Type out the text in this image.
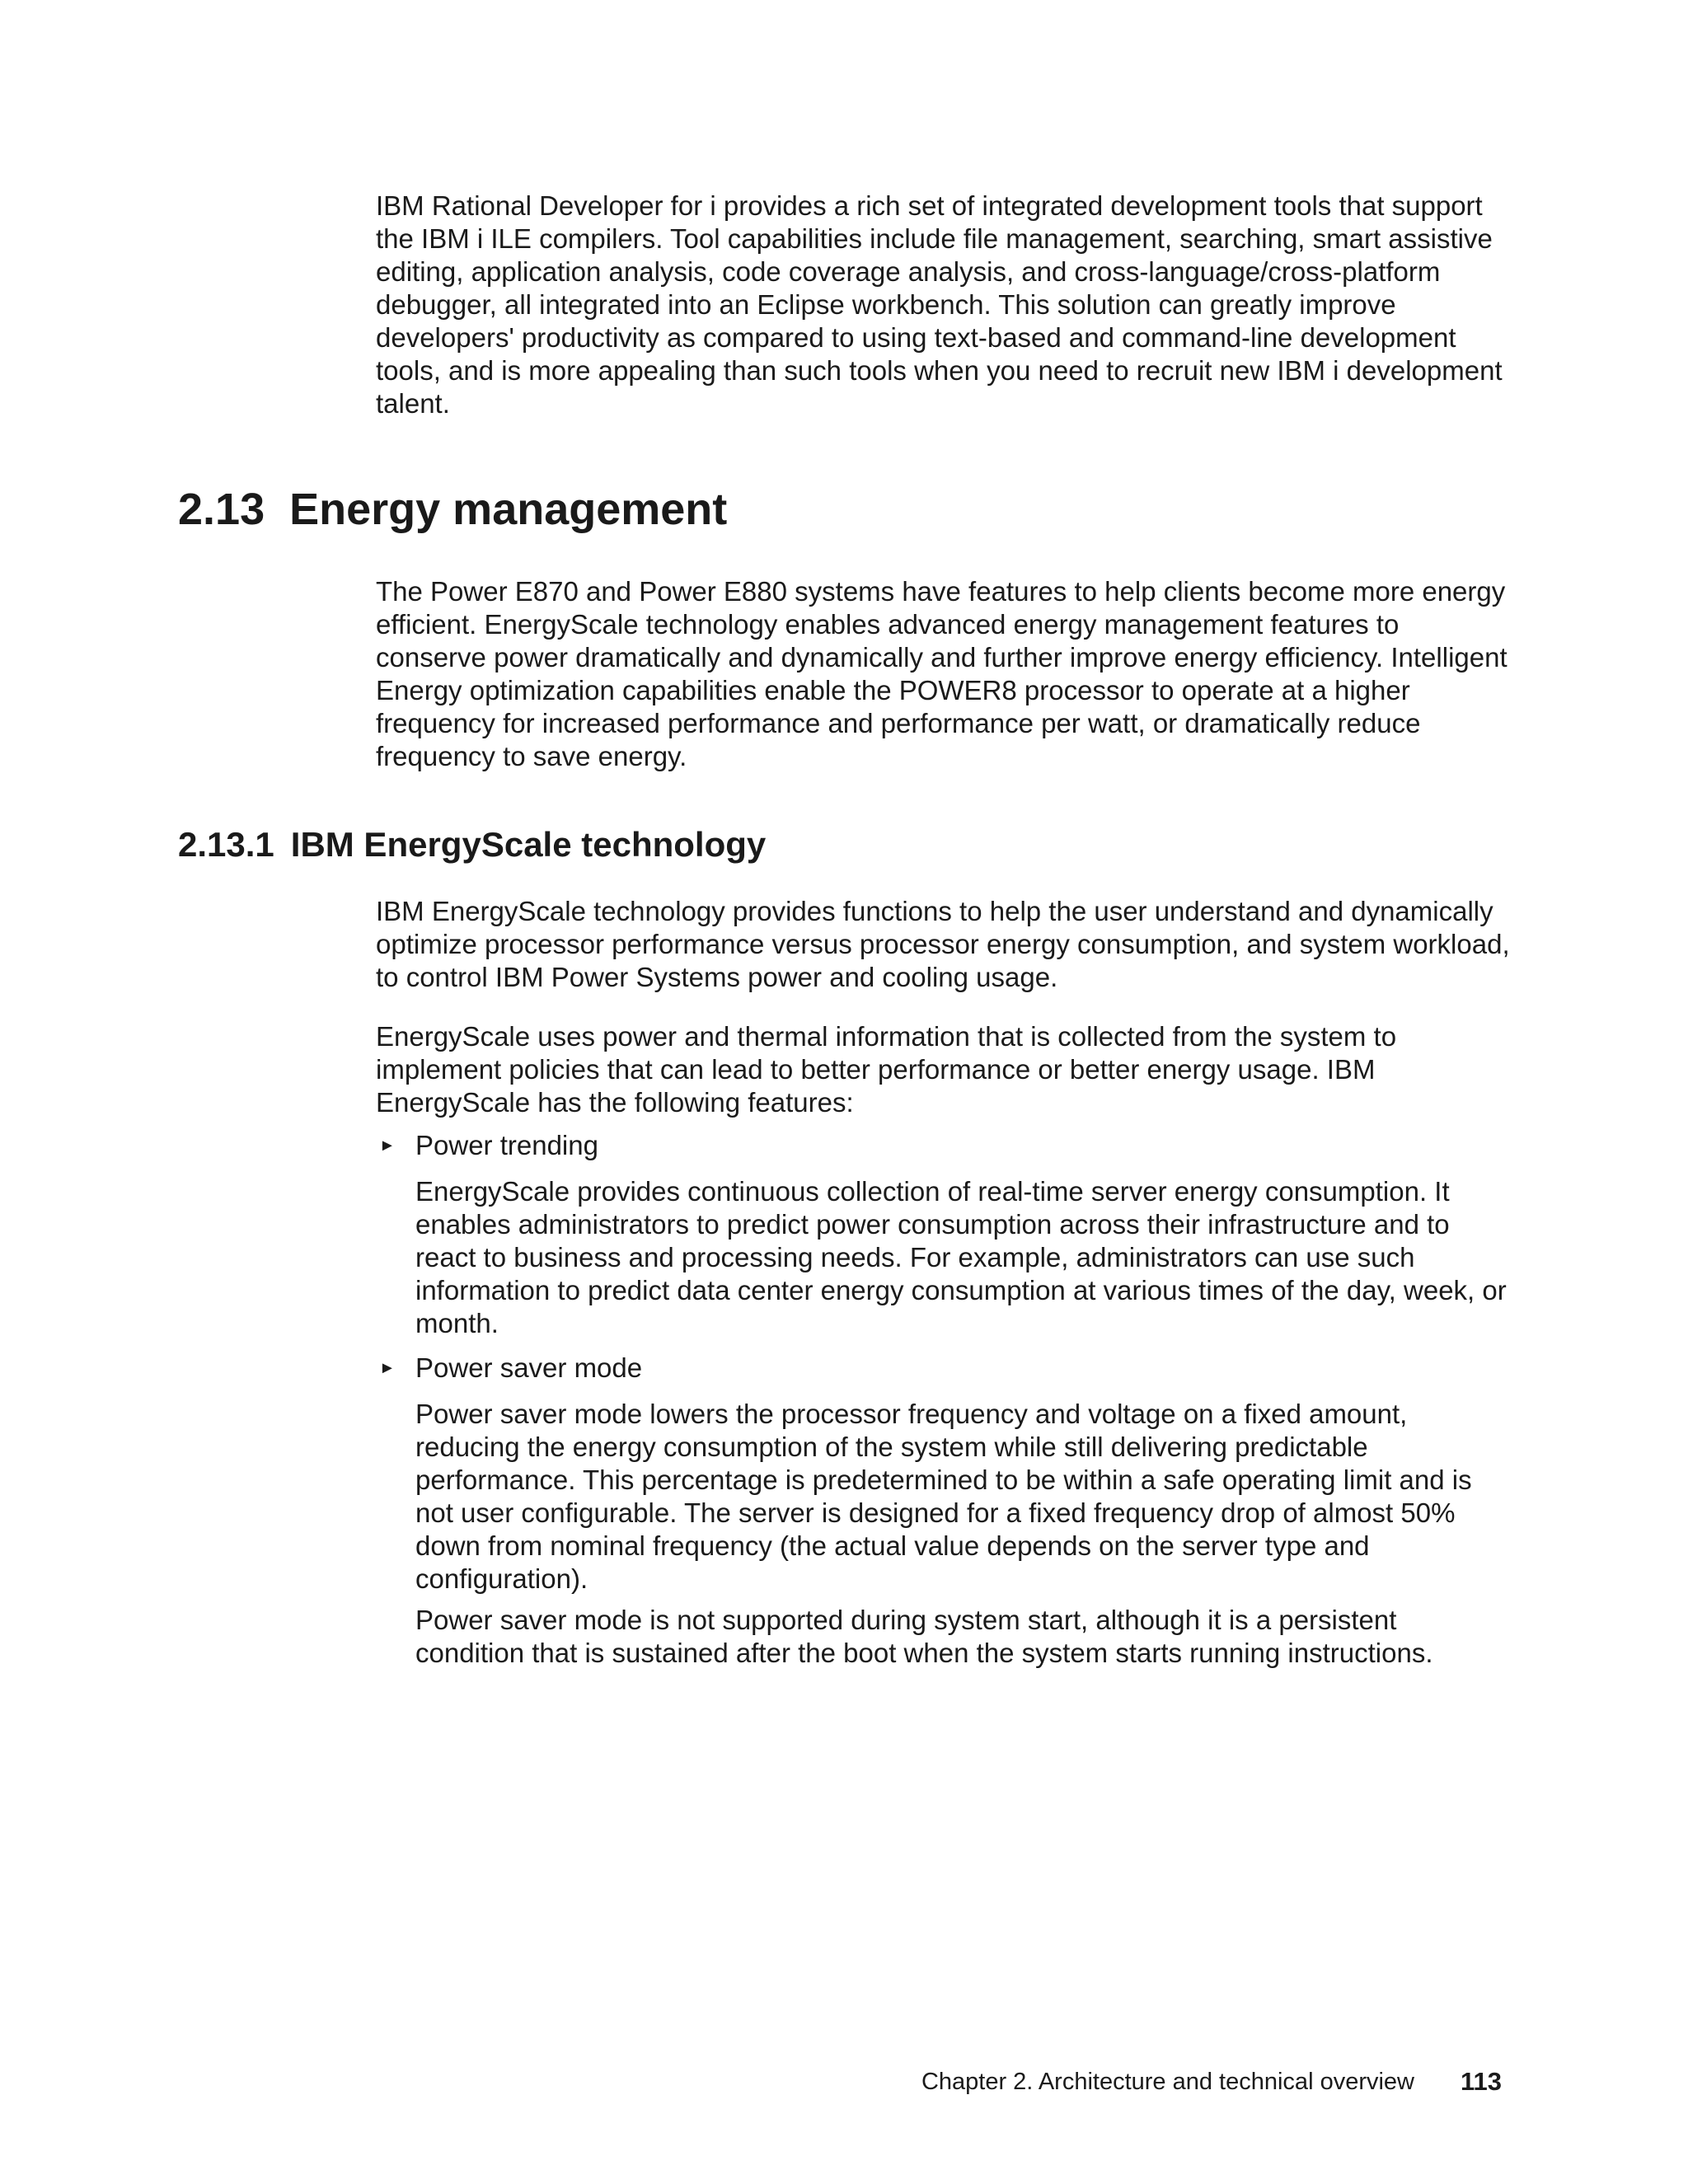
IBM Rational Developer for i provides a rich set of integrated development tools that support the IBM i ILE compilers. Tool capabilities include file management, searching, smart assistive editing, application analysis, code coverage analysis, and cross-language/cross-platform debugger, all integrated into an Eclipse workbench. This solution can greatly improve developers' productivity as compared to using text-based and command-line development tools, and is more appealing than such tools when you need to recruit new IBM i development talent.

2.13 Energy management

The Power E870 and Power E880 systems have features to help clients become more energy efficient. EnergyScale technology enables advanced energy management features to conserve power dramatically and dynamically and further improve energy efficiency. Intelligent Energy optimization capabilities enable the POWER8 processor to operate at a higher frequency for increased performance and performance per watt, or dramatically reduce frequency to save energy.

2.13.1 IBM EnergyScale technology

IBM EnergyScale technology provides functions to help the user understand and dynamically optimize processor performance versus processor energy consumption, and system workload, to control IBM Power Systems power and cooling usage.

EnergyScale uses power and thermal information that is collected from the system to implement policies that can lead to better performance or better energy usage. IBM EnergyScale has the following features:

► Power trending

EnergyScale provides continuous collection of real-time server energy consumption. It enables administrators to predict power consumption across their infrastructure and to react to business and processing needs. For example, administrators can use such information to predict data center energy consumption at various times of the day, week, or month.

► Power saver mode

Power saver mode lowers the processor frequency and voltage on a fixed amount, reducing the energy consumption of the system while still delivering predictable performance. This percentage is predetermined to be within a safe operating limit and is not user configurable. The server is designed for a fixed frequency drop of almost 50% down from nominal frequency (the actual value depends on the server type and configuration).

Power saver mode is not supported during system start, although it is a persistent condition that is sustained after the boot when the system starts running instructions.

Chapter 2. Architecture and technical overview 113
